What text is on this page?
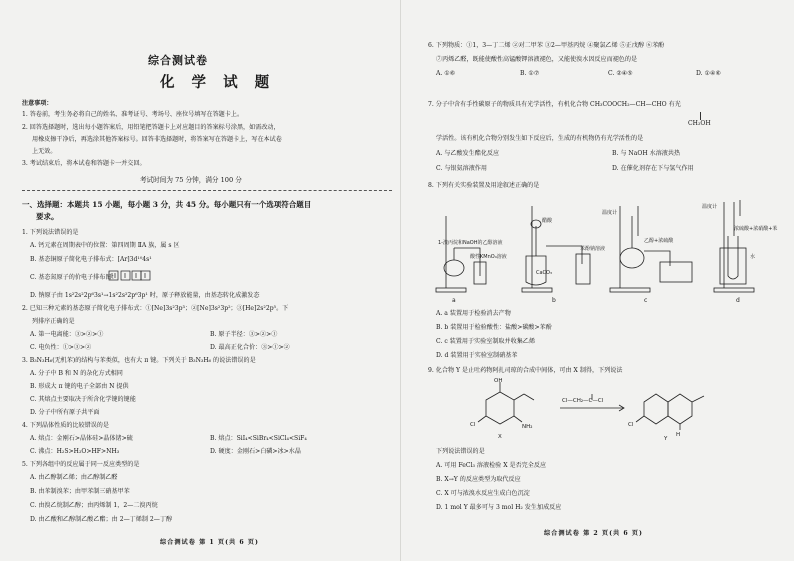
综合测试卷
化 学 试 题
注意事项：
1. 答卷前，考生务必将自己的姓名、准考证号、考场号、座位号填写在答题卡上。
2. 回答选择题时，选出每小题答案后，用铅笔把答题卡上对应题目的答案标号涂黑，如需改动，
用橡皮擦干净后，再选涂其他答案标号。回答非选择题时，将答案写在答题卡上，写在本试卷
上无效。
3. 考试结束后，将本试卷和答题卡一并交回。
考试时间为 75 分钟，满分 100 分
一、选择题：本题共 15 小题，每小题 3 分，共 45 分。每小题只有一个选项符合题目
要求。
1. 下列说法错误的是
A. 钙元素在周期表中的位置：第四周期 ⅡA 族，属 s 区
B. 基态铜原子简化电子排布式：[Ar]3d¹⁰4s¹
C. 基态氮原子的价电子排布图：
D. 钠原子由 1s²2s²2p⁶3s¹→1s²2s²2p⁶3p¹ 时，原子释放能量，由基态转化成激发态
2. 已知三种元素的基态原子简化电子排布式：①[Ne]3s²3p³；②[Ne]3s²3p²；③[He]2s²2p⁵。下
列排序正确的是
A. 第一电离能：③>②>①	B. 原子半径：③>②>①
C. 电负性：①>③>②	D. 最高正化合价：③>①>②
3. B₃N₃H₆(无机苯)的结构与苯类似，也有大 π 键。下列关于 B₃N₃H₆ 的说法错误的是
A. 分子中 B 和 N 的杂化方式相同
B. 形成大 π 键的电子全部由 N 提供
C. 其熔点主要取决于所含化学键的键能
D. 分子中所有原子共平面
4. 下列晶体性质的比较错误的是
A. 熔点：金刚石>晶体硅>晶体锗>硫	B. 熔点：SiI₄<SiBr₄<SiCl₄<SiF₄
C. 沸点：H₂S>H₂O>HF>NH₃	D. 硬度：金刚石>白磷>冰>水晶
5. 下列各组中的反应属于同一反应类型的是
A. 由乙醇制乙烯；由乙醇制乙醛
B. 由苯制溴苯；由甲苯制三硝基甲苯
C. 由溴乙烷制乙醇；由丙烯制 1，2—二溴丙烷
D. 由乙酸和乙醇制乙酸乙酯；由 2—丁烯制 2—丁醇
综合测试卷 第 1 页(共 6 页)
6. 下列物质：①1，3—丁二烯 ②对二甲苯 ③2—甲基丙烷 ④聚氯乙烯 ⑤正戊醇 ⑥苯酚
⑦丙烯乙醛，既能使酸性高锰酸钾溶液褪色，又能使溴水因反应而褪色的是
A. ①⑥	B. ①⑦	C. ②④⑤	D. ①④⑥
7. 分子中含有手性碳原子的物质具有光学活性，有机化合物 CH₃COOCH₂—CH—CHO 有光
CH₂OH
学活性。该有机化合物分别发生如下反应后，生成的有机物仍有光学活性的是
A. 与乙酸发生酯化反应	B. 与 NaOH 水溶液共热
C. 与银氨溶液作用	D. 在催化剂存在下与氢气作用
8. 下列有关实验装置及用途叙述正确的是
1-溴丙烷和NaOH的乙醇溶液
酸性KMnO₄溶液
醋酸
CaCO₃
苯酚钠溶液
温度计
乙醇+浓硫酸
温度计
浓硫酸+浓硝酸+苯
水
a	b	c	d
A. a 装置用于检验消去产物
B. b 装置用于检验酸性：盐酸>碳酸>苯酚
C. c 装置用于实验室制取并收集乙烯
D. d 装置用于实验室制硝基苯
9. 化合物 Y 是止吐药物阿扎司琼的合成中间体，可由 X 制得，下列说法
Cl	NH₂
OH
Cl
H
Cl—CH₂—C—Cl
X	Y
下列说法错误的是
A. 可用 FeCl₃ 溶液检验 X 是否完全反应
B. X→Y 的反应类型为取代反应
C. X 可与浓溴水反应生成白色沉淀
D. 1 mol Y 最多可与 3 mol H₂ 发生加成反应
综合测试卷 第 2 页(共 6 页)
